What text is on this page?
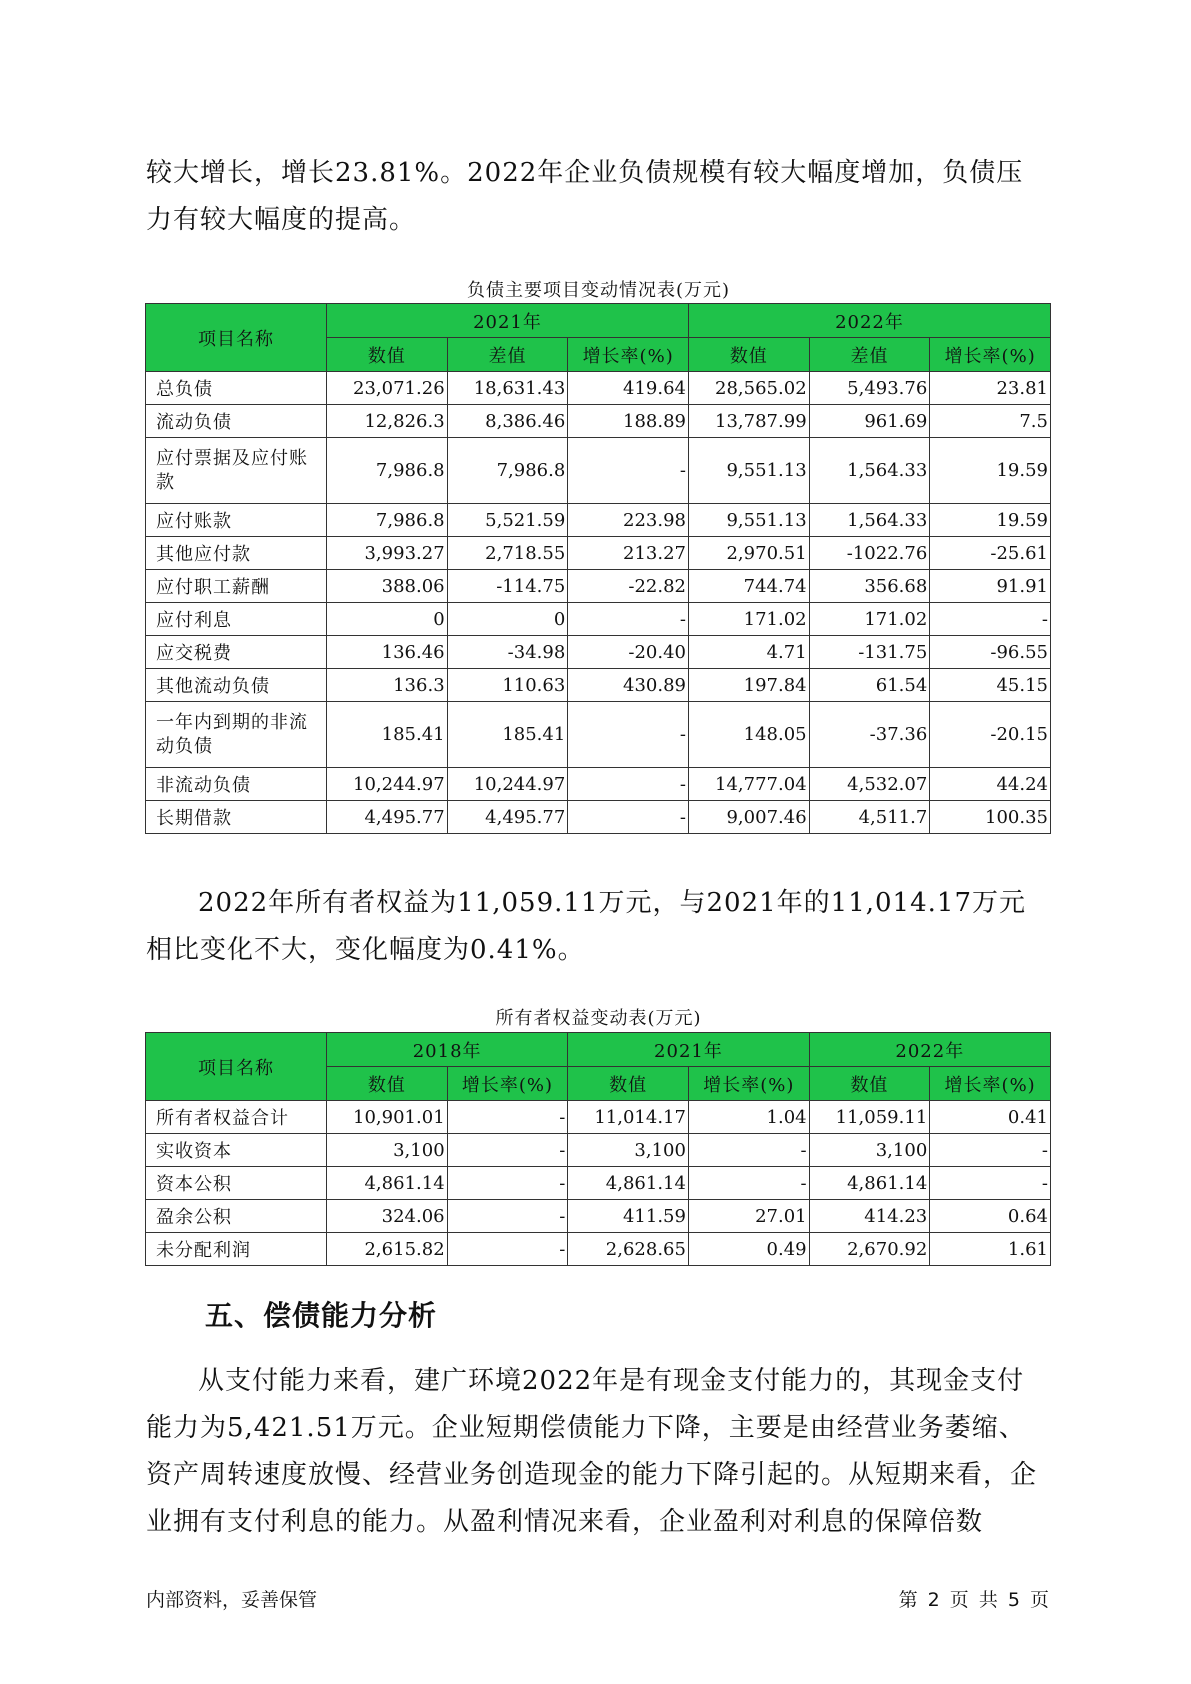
较大增长，增长23.81%。2022年企业负债规模有较大幅度增加，负债压力有较大幅度的提高。

负债主要项目变动情况表(万元)
项目名称	2021年			2022年		
	数值	差值	增长率(%)	数值	差值	增长率(%)
总负债	23,071.26	18,631.43	419.64	28,565.02	5,493.76	23.81
流动负债	12,826.3	8,386.46	188.89	13,787.99	961.69	7.5
应付票据及应付账款	7,986.8	7,986.8	-	9,551.13	1,564.33	19.59
应付账款	7,986.8	5,521.59	223.98	9,551.13	1,564.33	19.59
其他应付款	3,993.27	2,718.55	213.27	2,970.51	-1022.76	-25.61
应付职工薪酬	388.06	-114.75	-22.82	744.74	356.68	91.91
应付利息	0	0	-	171.02	171.02	-
应交税费	136.46	-34.98	-20.40	4.71	-131.75	-96.55
其他流动负债	136.3	110.63	430.89	197.84	61.54	45.15
一年内到期的非流动负债	185.41	185.41	-	148.05	-37.36	-20.15
非流动负债	10,244.97	10,244.97	-	14,777.04	4,532.07	44.24
长期借款	4,495.77	4,495.77	-	9,007.46	4,511.7	100.35

2022年所有者权益为11,059.11万元，与2021年的11,014.17万元相比变化不大，变化幅度为0.41%。

所有者权益变动表(万元)
项目名称	2018年		2021年		2022年	
	数值	增长率(%)	数值	增长率(%)	数值	增长率(%)
所有者权益合计	10,901.01	-	11,014.17	1.04	11,059.11	0.41
实收资本	3,100	-	3,100	-	3,100	-
资本公积	4,861.14	-	4,861.14	-	4,861.14	-
盈余公积	324.06	-	411.59	27.01	414.23	0.64
未分配利润	2,615.82	-	2,628.65	0.49	2,670.92	1.61
五、偿债能力分析

从支付能力来看，建广环境2022年是有现金支付能力的，其现金支付能力为5,421.51万元。企业短期偿债能力下降，主要是由经营业务萎缩、资产周转速度放慢、经营业务创造现金的能力下降引起的。从短期来看，企业拥有支付利息的能力。从盈利情况来看，企业盈利对利息的保障倍数

内部资料，妥善保管	第 2 页 共 5 页
